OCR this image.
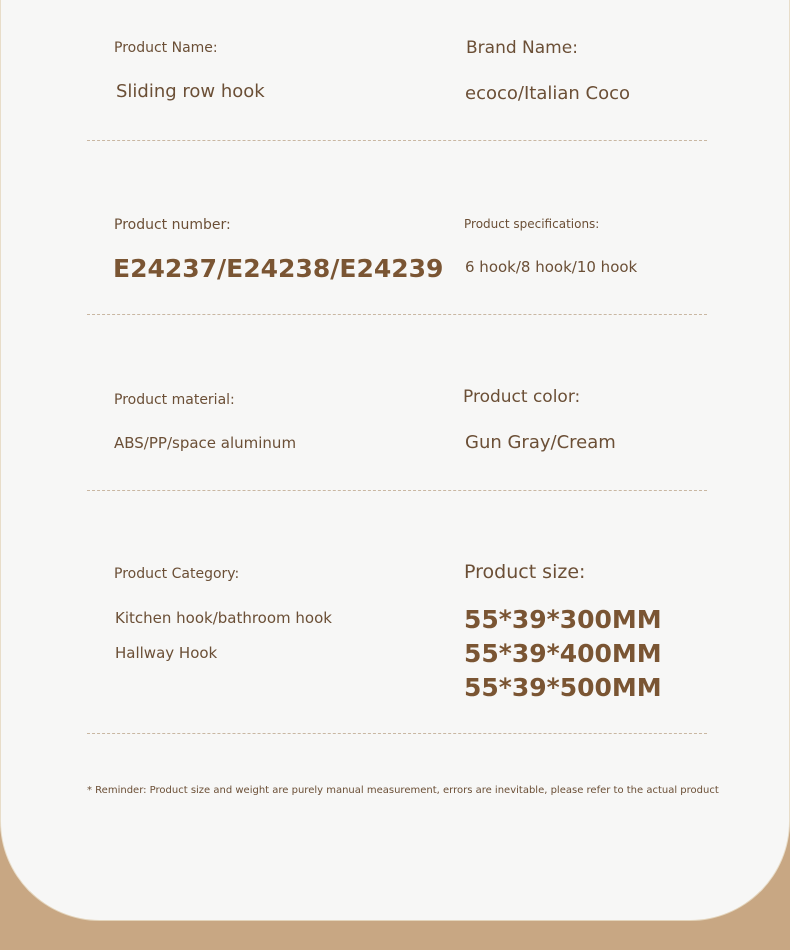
Product Name:
Sliding row hook
Brand Name:
ecoco/Italian Coco
Product number:
E24237/E24238/E24239
Product specifications:
6 hook/8 hook/10 hook
Product material:
ABS/PP/space aluminum
Product color:
Gun Gray/Cream
Product Category:
Kitchen hook/bathroom hook
Hallway Hook
Product size:
55*39*300MM
55*39*400MM
55*39*500MM
* Reminder: Product size and weight are purely manual measurement, errors are inevitable, please refer to the actual product
